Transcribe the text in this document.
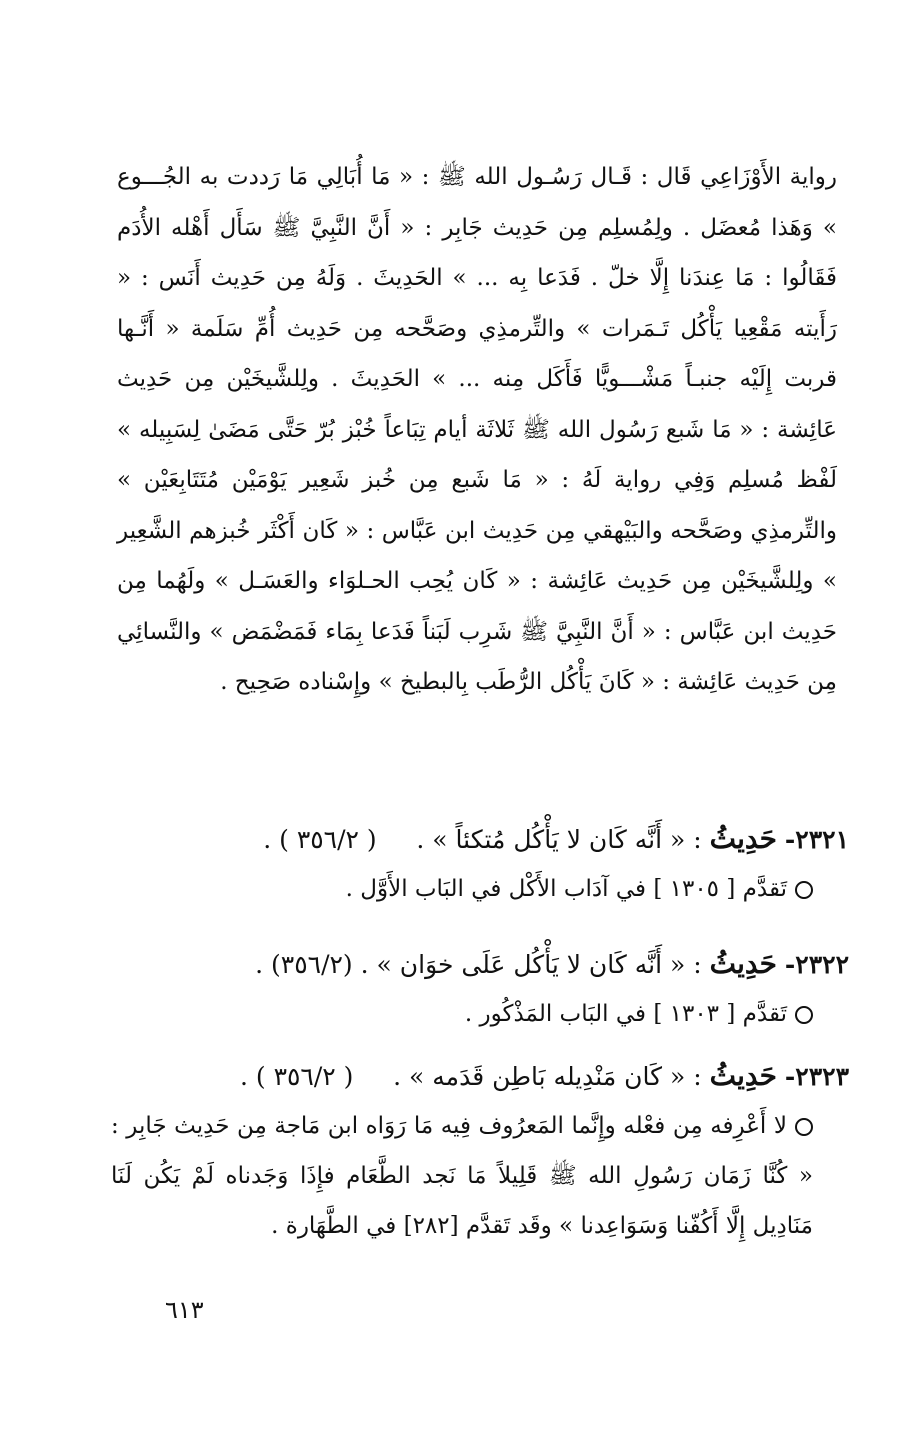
رواية الأَوْزَاعِي قَال : قَـال رَسُـول الله ﷺ : « مَا أُبَالِي مَا رَددت به الجُـــوع » وَهَذا مُعضَل . ولِمُسلِم مِن حَدِيث جَابِر : « أَنَّ النَّبِيَّ ﷺ سَأَل أَهْله الأُدَم فَقَالُوا : مَا عِندَنا إِلَّا خلّ . فَدَعا بِه ... » الحَدِيثَ . وَلَهُ مِن حَدِيث أَنَس : « رَأَيته مَقْعِيا يَأْكُل تَـمَرات » والتِّرمذِي وصَحَّحه مِن حَدِيث أُمِّ سَلَمة « أَنَّـها قربت إِلَيْه جنبـاً مَشْـــويًّا فَأَكَل مِنه ... » الحَدِيثَ . ولِلشَّيخَيْن مِن حَدِيث عَائِشة : « مَا شَبع رَسُول الله ﷺ ثَلاثَة أيام تِبَاعاً خُبْز بُرّ حَتَّى مَضَىٰ لِسَبِيله » لَفْظ مُسلِم وَفِي رواية لَهُ : « مَا شَبع مِن خُبز شَعِير يَوْمَيْن مُتَتَابِعَيْن » والتِّرمذِي وصَحَّحه والبَيْهقي مِن حَدِيث ابن عَبَّاس : « كَان أَكْثَر خُبزهم الشَّعِير » ولِلشَّيخَيْن مِن حَدِيث عَائِشة : « كَان يُحِب الحـلوَاء والعَسَـل » ولَهُما مِن حَدِيث ابن عَبَّاس : « أَنَّ النَّبِيَّ ﷺ شَرِب لَبَناً فَدَعا بِمَاء فَمَضْمَض » والنَّسائِي مِن حَدِيث عَائِشة : « كَانَ يَأْكُل الرُّطَب بِالبطيخ » وإِسْناده صَحِيح .

٢٣٢١- حَدِيثُ : « أَنَّه كَان لا يَأْكُل مُتكئاً » .     ( ٣٥٦/٢ ) .
تَقدَّم [ ١٣٠٥ ] في آدَاب الأَكْل في البَاب الأَوَّل .
٢٣٢٢- حَدِيثُ : « أَنَّه كَان لا يَأْكُل عَلَى خوَان » . (٣٥٦/٢) .
تَقدَّم [ ١٣٠٣ ] في البَاب المَذْكُور .
٢٣٢٣- حَدِيثُ : « كَان مَنْدِيله بَاطِن قَدَمه » .     ( ٣٥٦/٢ ) .
لا أَعْرِفه مِن فعْله وإِنَّما المَعرُوف فِيه مَا رَوَاه ابن مَاجة مِن حَدِيث جَابِر : « كُنَّا زَمَان رَسُولِ الله ﷺ قَلِيلاً مَا نَجد الطَّعَام فإِذَا وَجَدناه لَمْ يَكُن لَنَا مَنَادِيل إِلَّا أَكُفّنا وَسَوَاعِدنا » وقَد تَقدَّم [٢٨٢] في الطَّهَارة .
٦١٣
